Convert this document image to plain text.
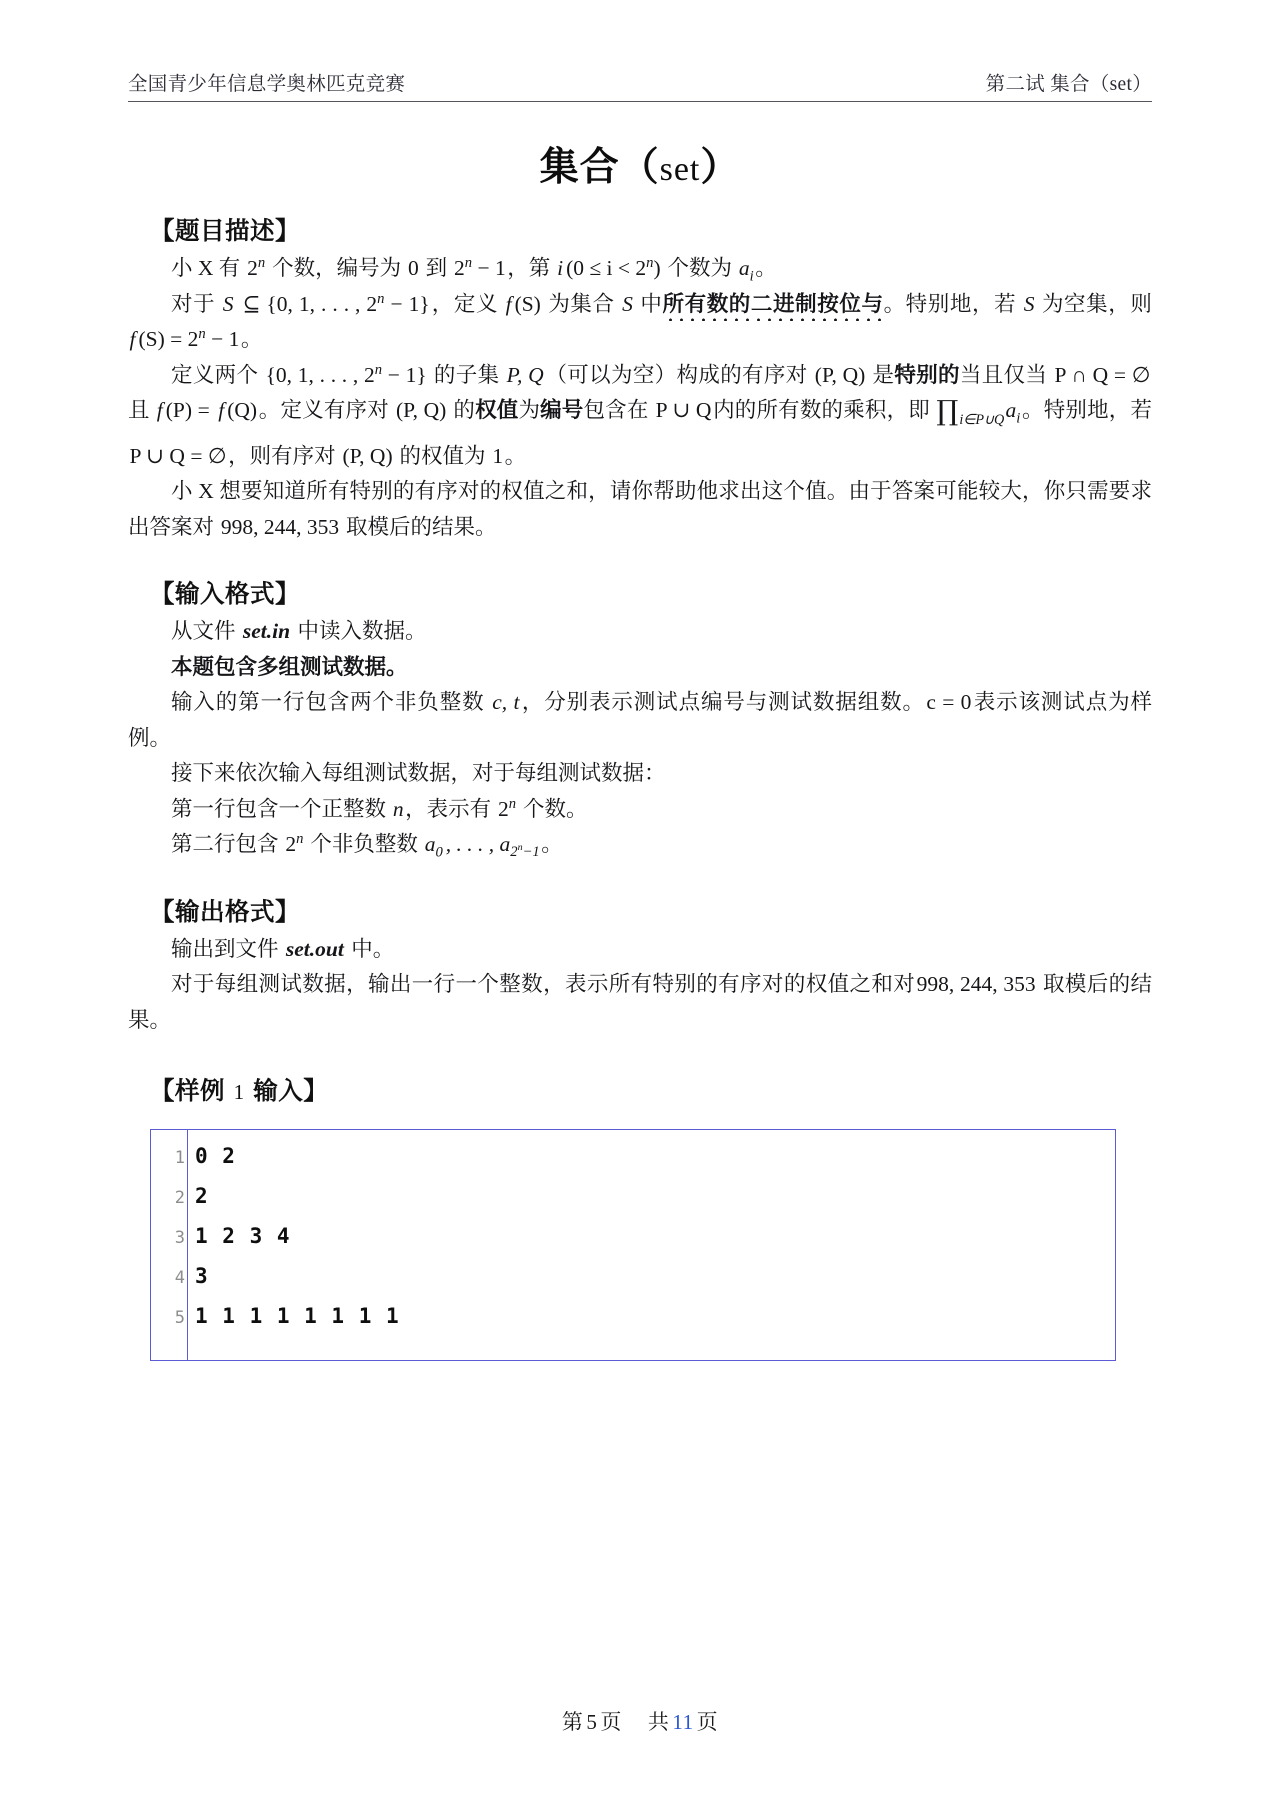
全国青少年信息学奥林匹克竞赛	第二试 集合（set）
集合（set）
【题目描述】

小 X 有 2$^n$ 个数，编号为 0 到 $2^n - 1$，第 i $(0 \le i < 2^n)$ 个数为 $a_i$。

对于 S ⊆ {0, 1, . . . , $2^n - 1$}，定义 f (S) 为集合 S 中所有数的二进制按位与。特别地，若 S 为空集，则 f $(S) = 2^n - 1$。

定义两个 {0, 1, . . . , $2^n - 1$} 的子集 P, Q（可以为空）构成的有序对 (P, Q) 是特别的当且仅当 P ∩ Q = ∅ 且 f (P) = f (Q)。定义有序对 (P, Q) 的权值为编号包含在 P ∪ Q内的所有数的乘积，即 $\prod_{i\in P\cup Q}a_i$。特别地，若 P ∪ Q = ∅，则有序对 (P, Q) 的权值为 1。

小 X 想要知道所有特别的有序对的权值之和，请你帮助他求出这个值。由于答案可能较大，你只需要求出答案对 998, 244, 353 取模后的结果。

【输入格式】

从文件 set.in 中读入数据。

本题包含多组测试数据。

输入的第一行包含两个非负整数 c, t，分别表示测试点编号与测试数据组数。c = 0表示该测试点为样例。

接下来依次输入每组测试数据，对于每组测试数据：

第一行包含一个正整数 n，表示有 2$^n$ 个数。

第二行包含 2$^n$ 个非负整数 $a_0$ , . . . , $a_{2^n-1}$。

【输出格式】

输出到文件 set.out 中。

对于每组测试数据，输出一行一个整数，表示所有特别的有序对的权值之和对998, 244, 353 取模后的结果。

【样例 1 输入】
1 0 2
2 2
3 1 2 3 4
4 3
5 1 1 1 1 1 1 1 1
第 5 页 共 11 页
